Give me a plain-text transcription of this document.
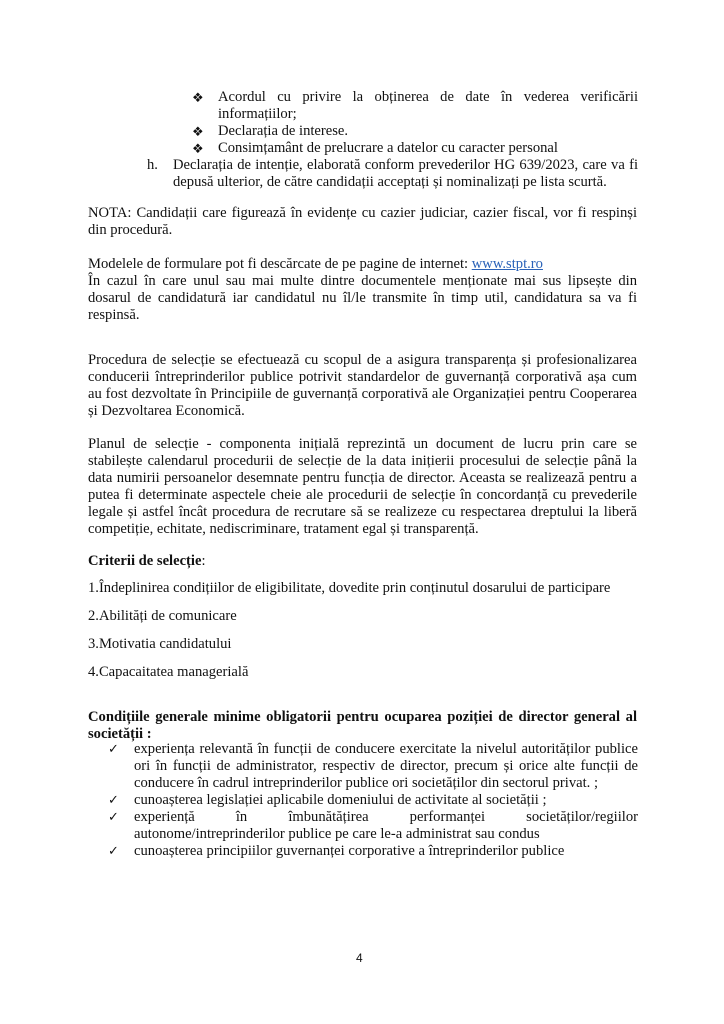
❖ Acordul cu privire la obținerea de date în vederea verificării
informațiilor;
❖ Declarația de interese.
❖ Consimțamânt de prelucrare a datelor cu caracter personal
h. Declarația de intenție, elaborată conform prevederilor HG 639/2023, care va fi
depusă ulterior, de către candidații acceptați și nominalizați pe lista scurtă.
NOTA: Candidații care figurează în evidențe cu cazier judiciar, cazier fiscal, vor fi respinși
din procedură.
Modelele de formulare pot fi descărcate de pe pagine de internet: www.stpt.ro
În cazul în care unul sau mai multe dintre documentele menționate mai sus lipsește din
dosarul de candidatură iar candidatul nu îl/le transmite în timp util, candidatura sa va fi
respinsă.
Procedura de selecție se efectuează cu scopul de a asigura transparența și profesionalizarea
conducerii întreprinderilor publice potrivit standardelor de guvernanță corporativă așa cum
au fost dezvoltate în Principiile de guvernanță corporativă ale Organizației pentru Cooperarea
și Dezvoltarea Economică.
Planul de selecție - componenta inițială reprezintă un document de lucru prin care se
stabilește calendarul procedurii de selecție de la data inițierii procesului de selecție până la
data numirii persoanelor desemnate pentru funcția de director. Aceasta se realizează pentru a
putea fi determinate aspectele cheie ale procedurii de selecție în concordanță cu prevederile
legale și astfel încât procedura de recrutare să se realizeze cu respectarea dreptului la liberă
competiție, echitate, nediscriminare, tratament egal și transparență.
Criterii de selecție:
1.Îndeplinirea condițiilor de eligibilitate, dovedite prin conținutul dosarului de participare
2.Abilități de comunicare
3.Motivatia candidatului
4.Capacaitatea managerială
Condițiile generale minime obligatorii pentru ocuparea poziției de director general al
societății :
✓ experiența relevantă în funcții de conducere exercitate la nivelul autorităților publice
ori în funcții de administrator, respectiv de director, precum și orice alte funcții de
conducere în cadrul intreprinderilor publice ori societăților din sectorul privat. ;
✓ cunoașterea legislației aplicabile domeniului de activitate al societății ;
✓ experiență în îmbunătățirea performanței societăților/regiilor
autonome/intreprinderilor publice pe care le-a administrat sau condus
✓ cunoașterea principiilor guvernanței corporative a întreprinderilor publice
4
